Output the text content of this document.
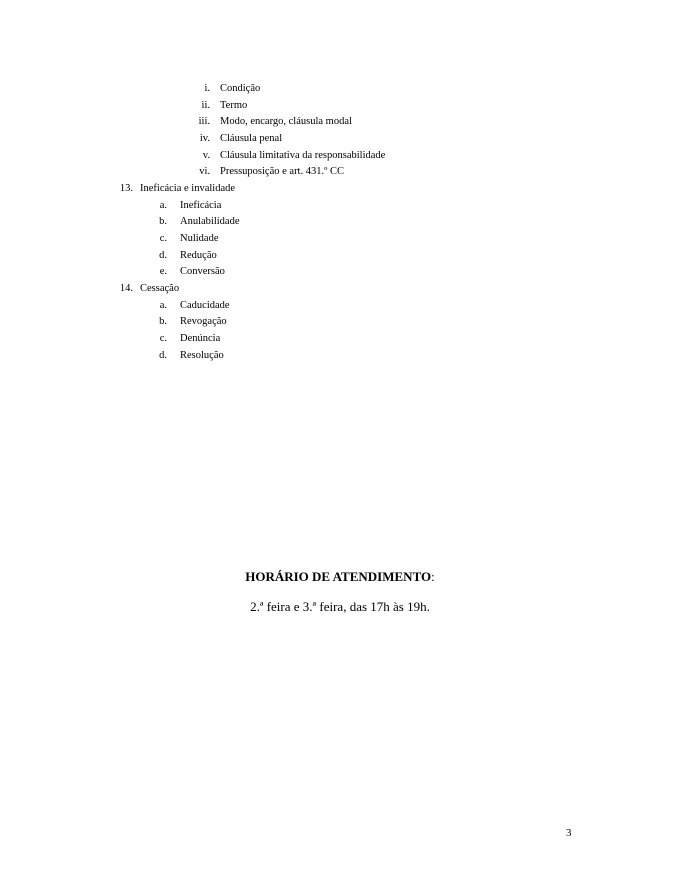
i. Condição
ii. Termo
iii. Modo, encargo, cláusula modal
iv. Cláusula penal
v. Cláusula limitativa da responsabilidade
vi. Pressuposição e art. 431.º CC
13. Ineficácia e invalidade
a. Ineficácia
b. Anulabilidade
c. Nulidade
d. Redução
e. Conversão
14. Cessação
a. Caducidade
b. Revogação
c. Denúncia
d. Resolução
HORÁRIO DE ATENDIMENTO:
2.ª feira e 3.ª feira, das 17h às 19h.
3
